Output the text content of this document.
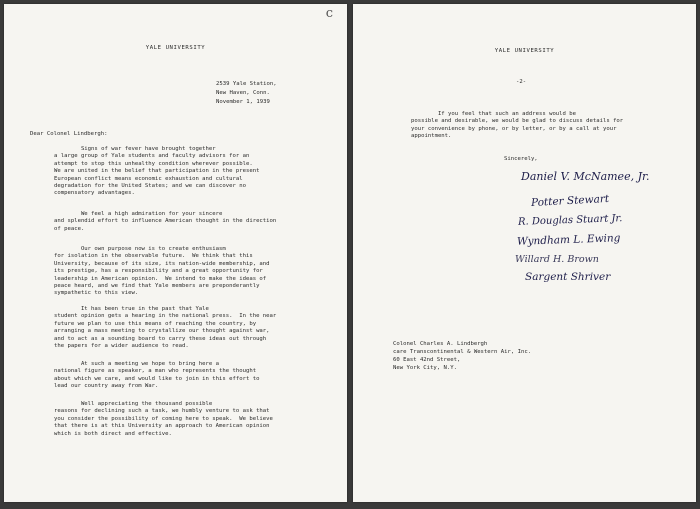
c
YALE UNIVERSITY
2539 Yale Station,
New Haven, Conn.
November 1, 1939
Dear Colonel Lindbergh:
Signs of war fever have brought together
a large group of Yale students and faculty advisors for an
attempt to stop this unhealthy condition wherever possible.
We are united in the belief that participation in the present
European conflict means economic exhaustion and cultural
degradation for the United States; and we can discover no
compensatory advantages.
We feel a high admiration for your sincere
and splendid effort to influence American thought in the direction
of peace.
Our own purpose now is to create enthusiasm
for isolation in the observable future.  We think that this
University, because of its size, its nation-wide membership, and
its prestige, has a responsibility and a great opportunity for
leadership in American opinion.  We intend to make the ideas of
peace heard, and we find that Yale members are preponderantly
sympathetic to this view.
It has been true in the past that Yale
student opinion gets a hearing in the national press.  In the near
future we plan to use this means of reaching the country, by
arranging a mass meeting to crystallize our thought against war,
and to act as a sounding board to carry these ideas out through
the papers for a wider audience to read.
At such a meeting we hope to bring here a
national figure as speaker, a man who represents the thought
about which we care, and would like to join in this effort to
lead our country away from War.
Well appreciating the thousand possible
reasons for declining such a task, we humbly venture to ask that
you consider the possibility of coming here to speak.  We believe
that there is at this University an approach to American opinion
which is both direct and effective.
YALE UNIVERSITY
-2-
If you feel that such an address would be
possible and desirable, we would be glad to discuss details for
your convenience by phone, or by letter, or by a call at your
appointment.
Sincerely,
Daniel V. McNamee, Jr.
Potter Stewart
R. Douglas Stuart Jr.
Wyndham L. Ewing
Willard H. Brown
Sargent Shriver
Colonel Charles A. Lindbergh
care Transcontinental & Western Air, Inc.
60 East 42nd Street,
New York City, N.Y.
